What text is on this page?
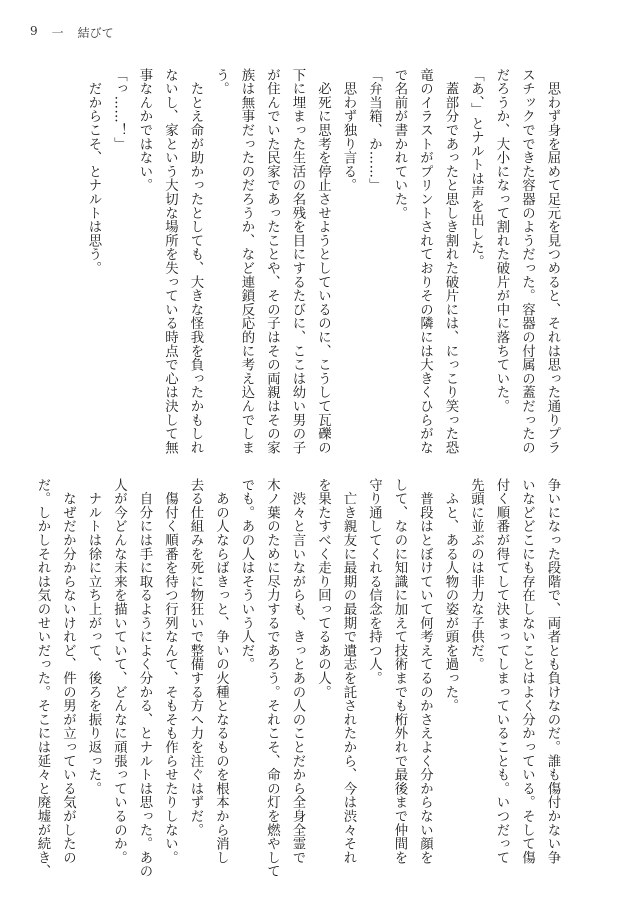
9 一 結びて

　思わず身を屈めて足元を見つめると、それは思った通りプラ

スチックでできた容器のようだった。容器の付属の蓋だったの

だろうか、大小になって割れた破片が中に落ちていた。

「あ、」とナルトは声を出した。

　蓋部分であったと思しき割れた破片には、にっこり笑った恐

竜のイラストがプリントされておりその隣には大きくひらがな

で名前が書かれていた。

「弁当箱、か……」

　思わず独り言る。

　必死に思考を停止させようとしているのに、こうして瓦礫の

下に埋まった生活の名残を目にするたびに、ここは幼い男の子

が住んでいた民家であったことや、その子はその両親はその家

族は無事だったのだろうか、など連鎖反応的に考え込んでしま

う。

　たとえ命が助かったとしても、大きな怪我を負ったかもしれ

ないし、家という大切な場所を失っている時点で心は決して無

事なんかではない。

「っ……！」

　だからこそ、とナルトは思う。

争いになった段階で、両者とも負けなのだ。誰も傷付かない争

いなどどこにも存在しないことはよく分かっている。そして傷

付く順番が得てして決まってしまっていることも。いつだって

先頭に並ぶのは非力な子供だ。

　ふと、ある人物の姿が頭を過った。

　普段はとぼけていて何考えてるのかさえよく分からない顔を

して、なのに知識に加えて技術までも桁外れで最後まで仲間を

守り通してくれる信念を持つ人。

　亡き親友に最期の最期で遺志を託されたから、今は渋々それ

を果たすべく走り回ってるあの人。

　渋々と言いながらも、きっとあの人のことだから全身全霊で

木ノ葉のために尽力するであろう。それこそ、命の灯を燃やして

でも。あの人はそういう人だ。

　あの人ならばきっと、争いの火種となるものを根本から消し

去る仕組みを死に物狂いで整備する方へ力を注ぐはずだ。

　傷付く順番を待つ行列なんて、そもそも作らせたりしない。

　自分には手に取るようによく分かる、とナルトは思った。あの

人が今どんな未来を描いていて、どんなに頑張っているのか。

　ナルトは徐に立ち上がって、後ろを振り返った。

　なぜだか分からないけれど、件の男が立っている気がしたの

だ。しかしそれは気のせいだった。そこには延々と廃墟が続き、
